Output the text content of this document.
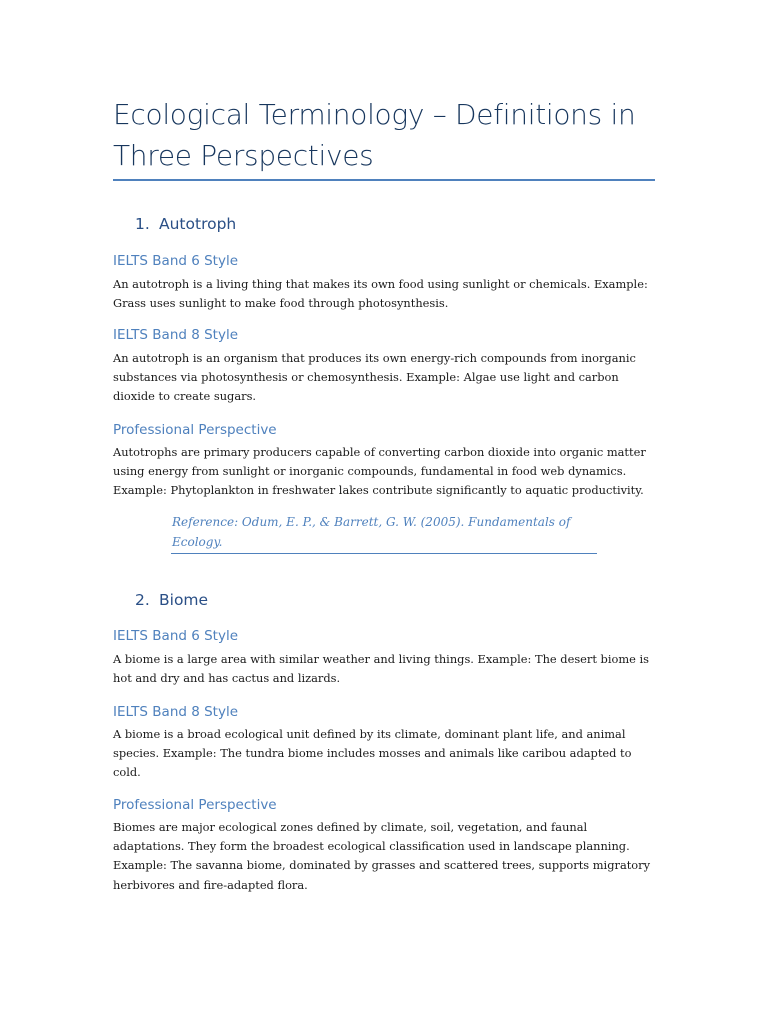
Ecological Terminology – Definitions in Three Perspectives
1. Autotroph
IELTS Band 6 Style
An autotroph is a living thing that makes its own food using sunlight or chemicals. Example: Grass uses sunlight to make food through photosynthesis.
IELTS Band 8 Style
An autotroph is an organism that produces its own energy-rich compounds from inorganic substances via photosynthesis or chemosynthesis. Example: Algae use light and carbon dioxide to create sugars.
Professional Perspective
Autotrophs are primary producers capable of converting carbon dioxide into organic matter using energy from sunlight or inorganic compounds, fundamental in food web dynamics. Example: Phytoplankton in freshwater lakes contribute significantly to aquatic productivity.
Reference: Odum, E. P., & Barrett, G. W. (2005). Fundamentals of Ecology.
2. Biome
IELTS Band 6 Style
A biome is a large area with similar weather and living things. Example: The desert biome is hot and dry and has cactus and lizards.
IELTS Band 8 Style
A biome is a broad ecological unit defined by its climate, dominant plant life, and animal species. Example: The tundra biome includes mosses and animals like caribou adapted to cold.
Professional Perspective
Biomes are major ecological zones defined by climate, soil, vegetation, and faunal adaptations. They form the broadest ecological classification used in landscape planning. Example: The savanna biome, dominated by grasses and scattered trees, supports migratory herbivores and fire-adapted flora.
